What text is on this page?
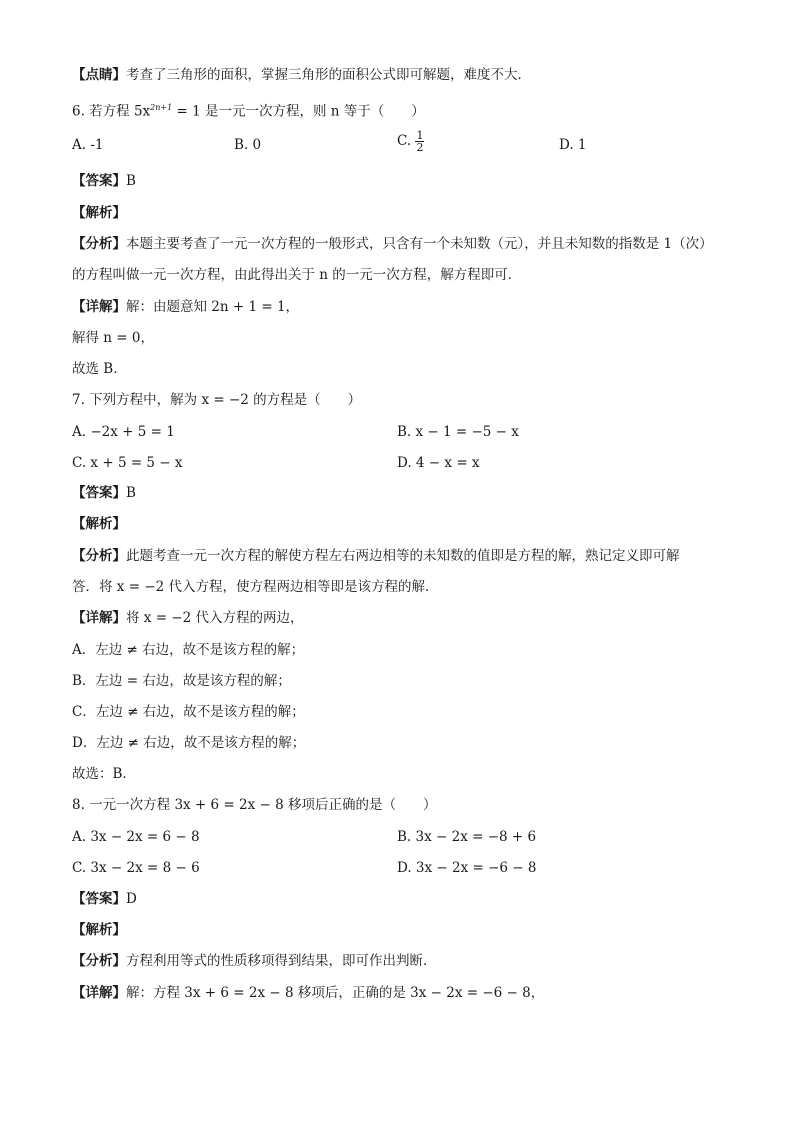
【点睛】考查了三角形的面积，掌握三角形的面积公式即可解题，难度不大．
6. 若方程 $5x^{2n+1} = 1$ 是一元一次方程，则 n 等于（　　）
A. -1	B. 0	C. $\frac{1}{2}$	D. 1
【答案】B
【解析】
【分析】本题主要考查了一元一次方程的一般形式，只含有一个未知数（元），并且未知数的指数是 1（次）
的方程叫做一元一次方程，由此得出关于 n 的一元一次方程，解方程即可．
【详解】解：由题意知 2n + 1 = 1，
解得 n = 0，
故选 B．
7. 下列方程中，解为 x = −2 的方程是（　　）
A. −2x + 5 = 1	B. x − 1 = −5 − x
C. x + 5 = 5 − x	D. 4 − x = x
【答案】B
【解析】
【分析】此题考查一元一次方程的解使方程左右两边相等的未知数的值即是方程的解，熟记定义即可解
答．将 x = −2 代入方程，使方程两边相等即是该方程的解．
【详解】将 x = −2 代入方程的两边，
A．左边 ≠ 右边，故不是该方程的解；
B．左边 = 右边，故是该方程的解；
C．左边 ≠ 右边，故不是该方程的解；
D．左边 ≠ 右边，故不是该方程的解；
故选：B．
8. 一元一次方程 3x + 6 = 2x − 8 移项后正确的是（　　）
A. 3x − 2x = 6 − 8	B. 3x − 2x = −8 + 6
C. 3x − 2x = 8 − 6	D. 3x − 2x = −6 − 8
【答案】D
【解析】
【分析】方程利用等式的性质移项得到结果，即可作出判断．
【详解】解：方程 3x + 6 = 2x − 8 移项后，正确的是 3x − 2x = −6 − 8，
